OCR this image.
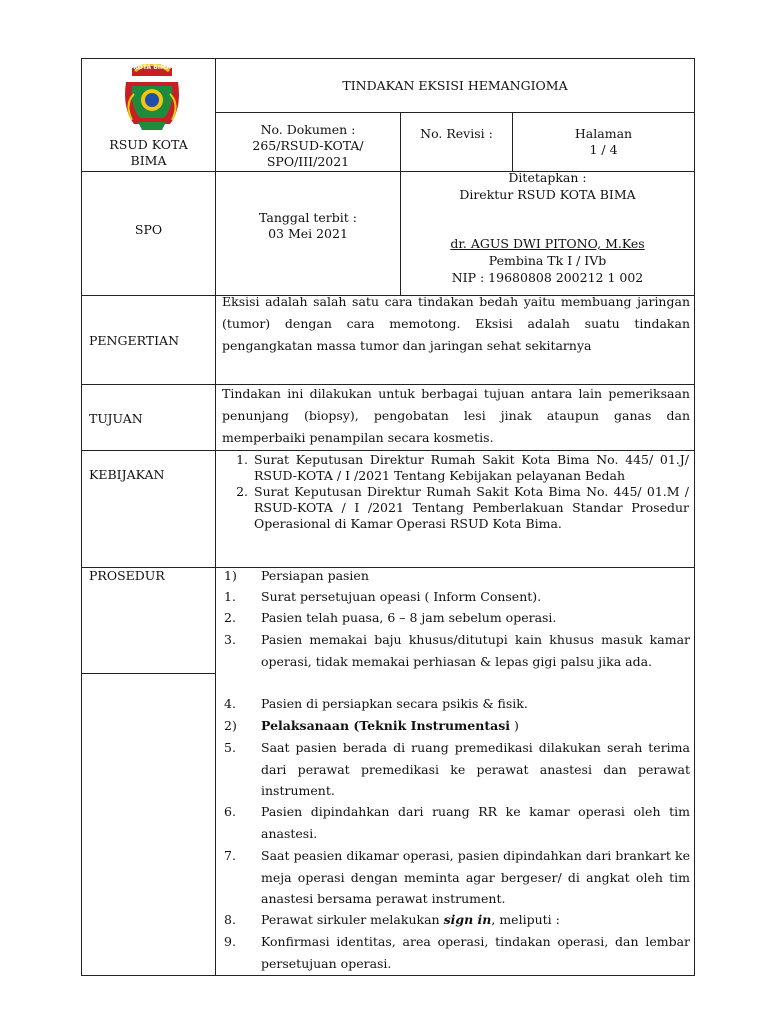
KOTA BIMA
RSUD KOTA
BIMA
TINDAKAN EKSISI HEMANGIOMA
No. Dokumen :
265/RSUD-KOTA/
SPO/III/2021
No. Revisi :	Halaman
1 / 4
SPO
Tanggal terbit :
03 Mei 2021
Ditetapkan :
Direktur RSUD KOTA BIMA
dr. AGUS DWI PITONO, M.Kes
Pembina Tk I / IVb
NIP : 19680808 200212 1 002
PENGERTIAN
Eksisi adalah salah satu cara tindakan bedah yaitu membuang jaringan (tumor) dengan cara memotong. Eksisi adalah suatu tindakan pengangkatan massa tumor dan jaringan sehat sekitarnya
TUJUAN
Tindakan ini dilakukan untuk berbagai tujuan antara lain pemeriksaan penunjang (biopsy), pengobatan lesi jinak ataupun ganas dan memperbaiki penampilan secara kosmetis.
KEBIJAKAN
1. Surat Keputusan Direktur Rumah Sakit Kota Bima No. 445/ 01.J/ RSUD-KOTA / I /2021 Tentang Kebijakan pelayanan Bedah
2. Surat Keputusan Direktur Rumah Sakit Kota Bima No. 445/ 01.M / RSUD-KOTA / I /2021 Tentang Pemberlakuan Standar Prosedur Operasional di Kamar Operasi RSUD Kota Bima.
PROSEDUR	1) Persiapan pasien
1. Surat persetujuan opeasi ( Inform Consent).
2. Pasien telah puasa, 6 – 8 jam sebelum operasi.
3. Pasien memakai baju khusus/ditutupi kain khusus masuk kamar operasi, tidak memakai perhiasan & lepas gigi palsu jika ada.
4. Pasien di persiapkan secara psikis & fisik.
2) Pelaksanaan (Teknik Instrumentasi )
5. Saat pasien berada di ruang premedikasi dilakukan serah terima dari perawat premedikasi ke perawat anastesi dan perawat instrument.
6. Pasien dipindahkan dari ruang RR ke kamar operasi oleh tim anastesi.
7. Saat peasien dikamar operasi, pasien dipindahkan dari brankart ke meja operasi dengan meminta agar bergeser/ di angkat oleh tim anastesi bersama perawat instrument.
8. Perawat sirkuler melakukan sign in, meliputi :
9. Konfirmasi identitas, area operasi, tindakan operasi, dan lembar persetujuan operasi.
